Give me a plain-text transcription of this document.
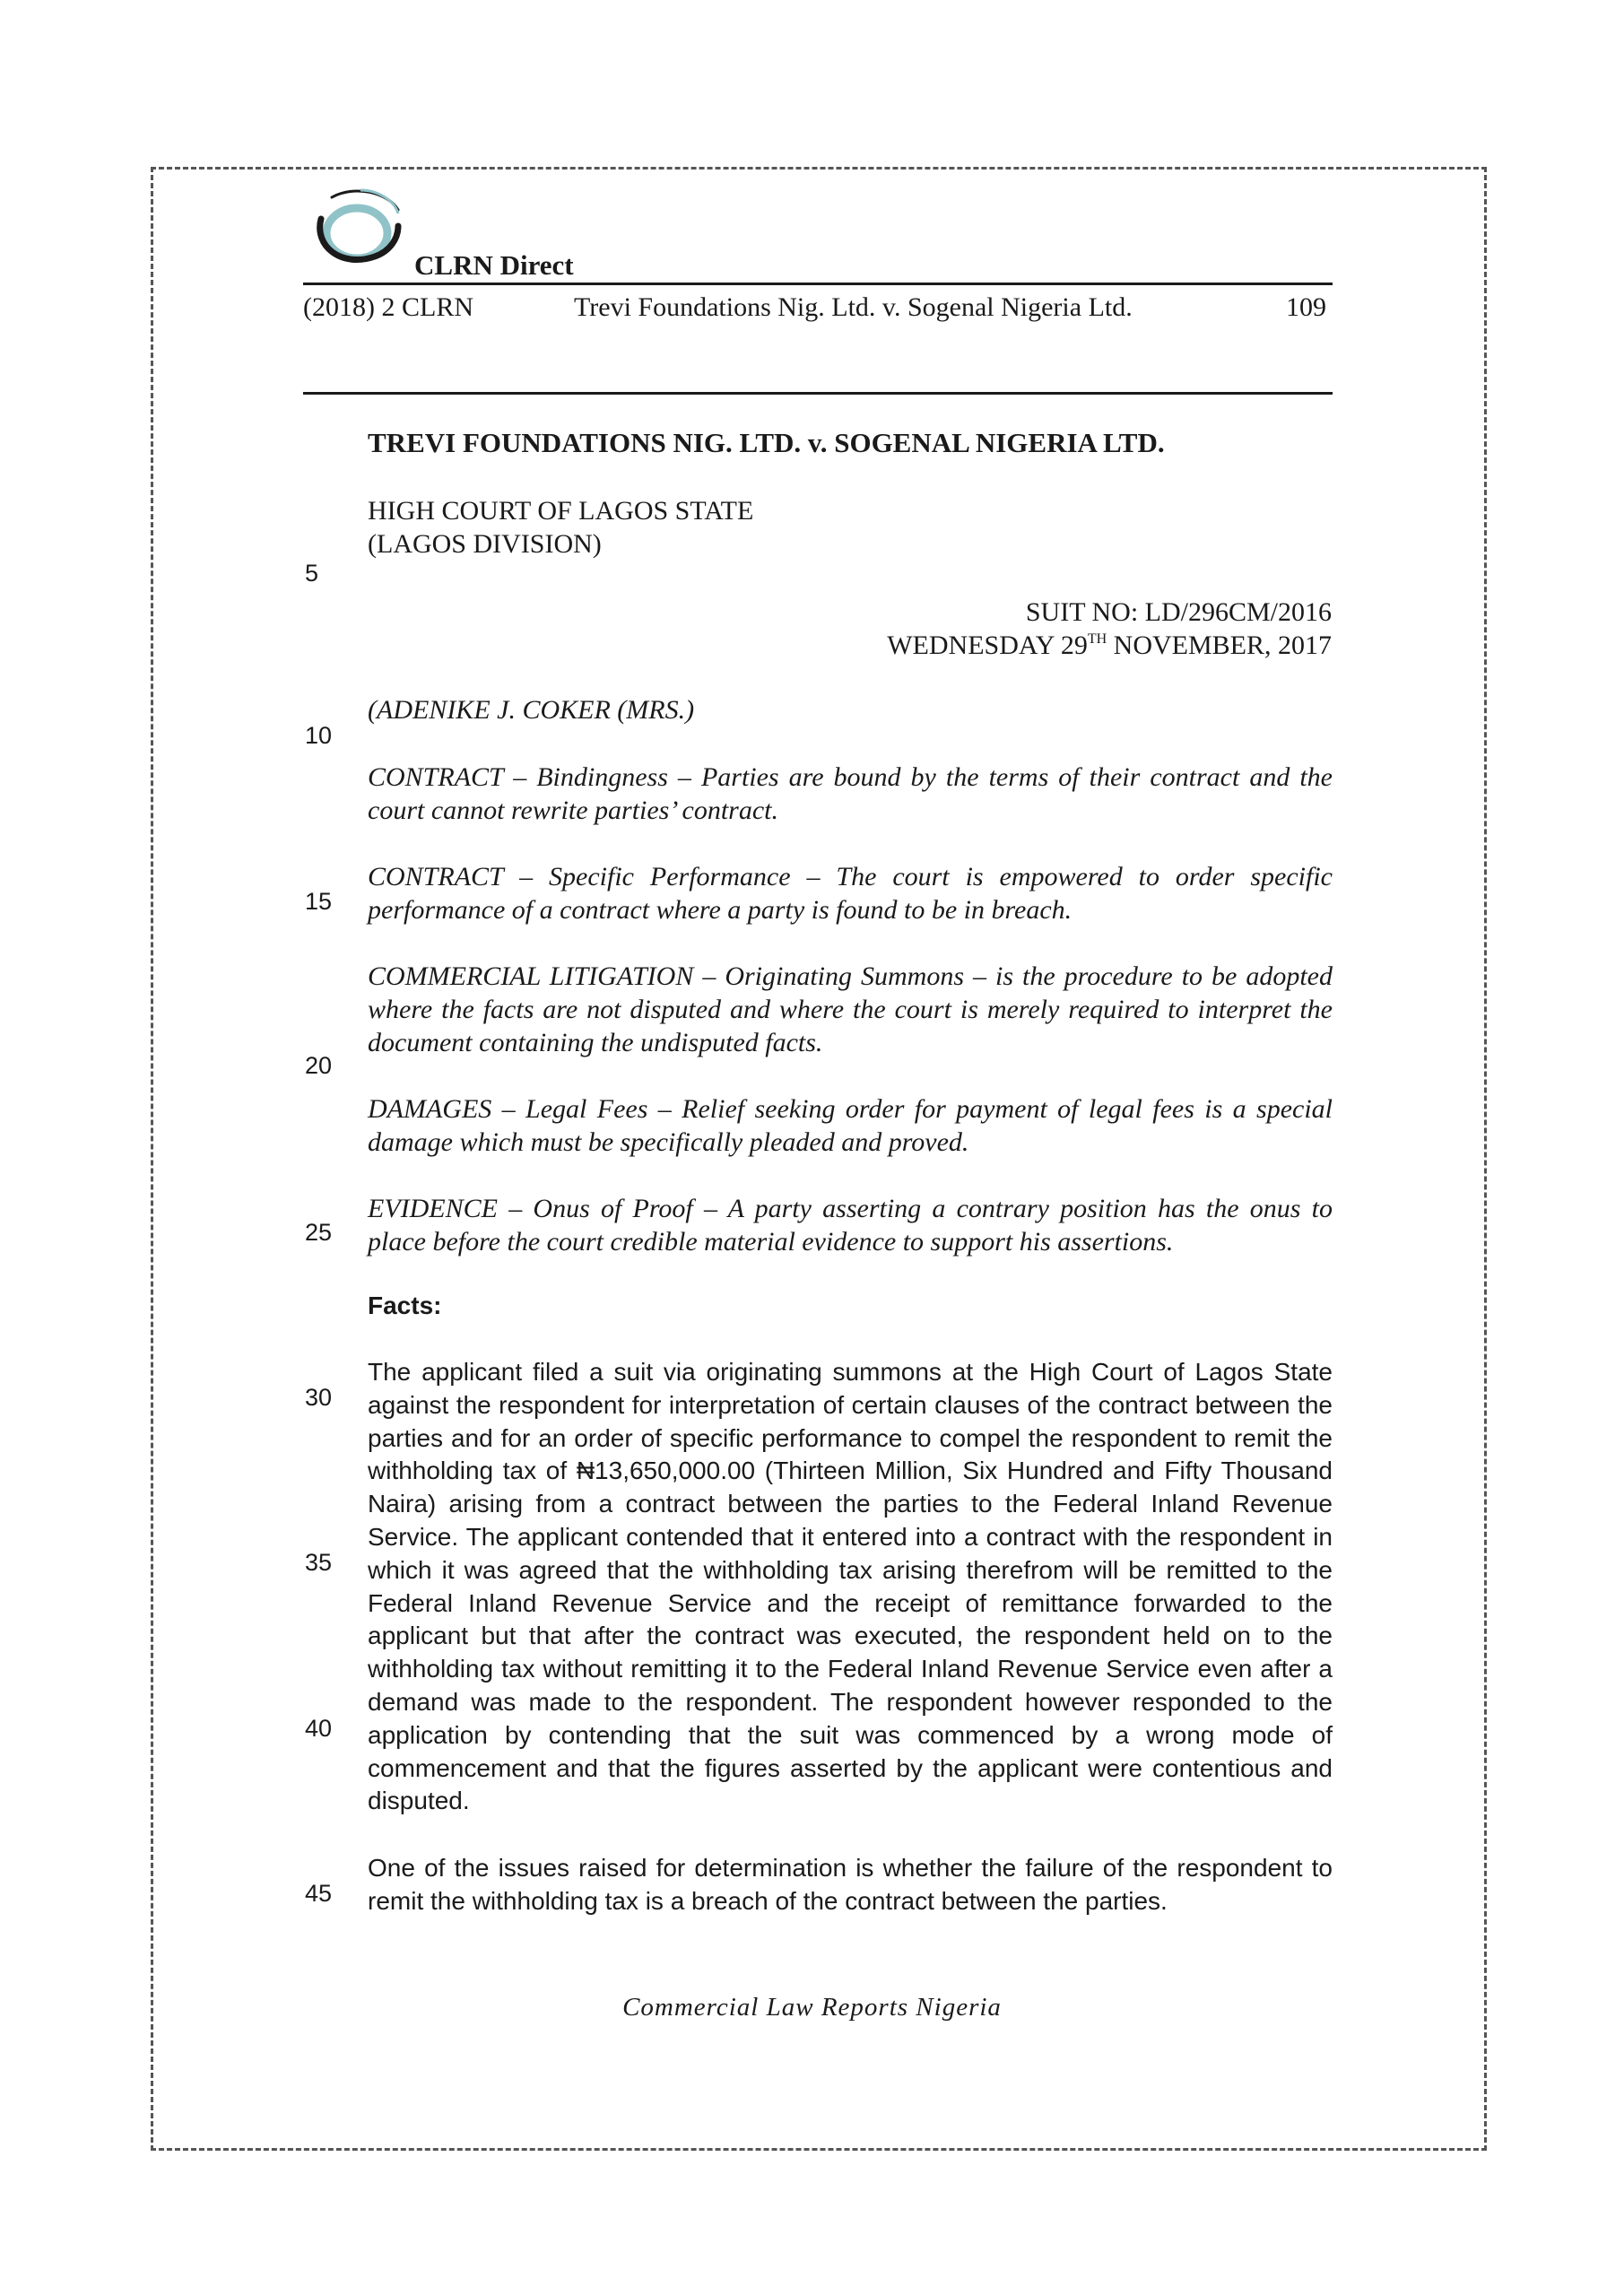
CLRN Direct
(2018) 2 CLRN	Trevi Foundations Nig. Ltd. v. Sogenal Nigeria Ltd.	109
TREVI FOUNDATIONS NIG. LTD. v. SOGENAL NIGERIA LTD.
HIGH COURT OF LAGOS STATE
(LAGOS DIVISION)
SUIT NO: LD/296CM/2016
WEDNESDAY 29TH NOVEMBER, 2017
(ADENIKE J. COKER (MRS.)
CONTRACT – Bindingness – Parties are bound by the terms of their contract and the court cannot rewrite parties’ contract.
CONTRACT – Specific Performance – The court is empowered to order specific performance of a contract where a party is found to be in breach.
COMMERCIAL LITIGATION – Originating Summons – is the procedure to be adopted where the facts are not disputed and where the court is merely required to interpret the document containing the undisputed facts.
DAMAGES – Legal Fees – Relief seeking order for payment of legal fees is a special damage which must be specifically pleaded and proved.
EVIDENCE – Onus of Proof – A party asserting a contrary position has the onus to place before the court credible material evidence to support his assertions.
Facts:
The applicant filed a suit via originating summons at the High Court of Lagos State against the respondent for interpretation of certain clauses of the contract between the parties and for an order of specific performance to compel the respondent to remit the withholding tax of ₦13,650,000.00 (Thirteen Million, Six Hundred and Fifty Thousand Naira) arising from a contract between the parties to the Federal Inland Revenue Service. The applicant contended that it entered into a contract with the respondent in which it was agreed that the withholding tax arising therefrom will be remitted to the Federal Inland Revenue Service and the receipt of remittance forwarded to the applicant but that after the contract was executed, the respondent held on to the withholding tax without remitting it to the Federal Inland Revenue Service even after a demand was made to the respondent. The respondent however responded to the application by contending that the suit was commenced by a wrong mode of commencement and that the figures asserted by the applicant were contentious and disputed.
One of the issues raised for determination is whether the failure of the respondent to remit the withholding tax is a breach of the contract between the parties.
5
10
15
20
25
30
35
40
45
Commercial Law Reports Nigeria
